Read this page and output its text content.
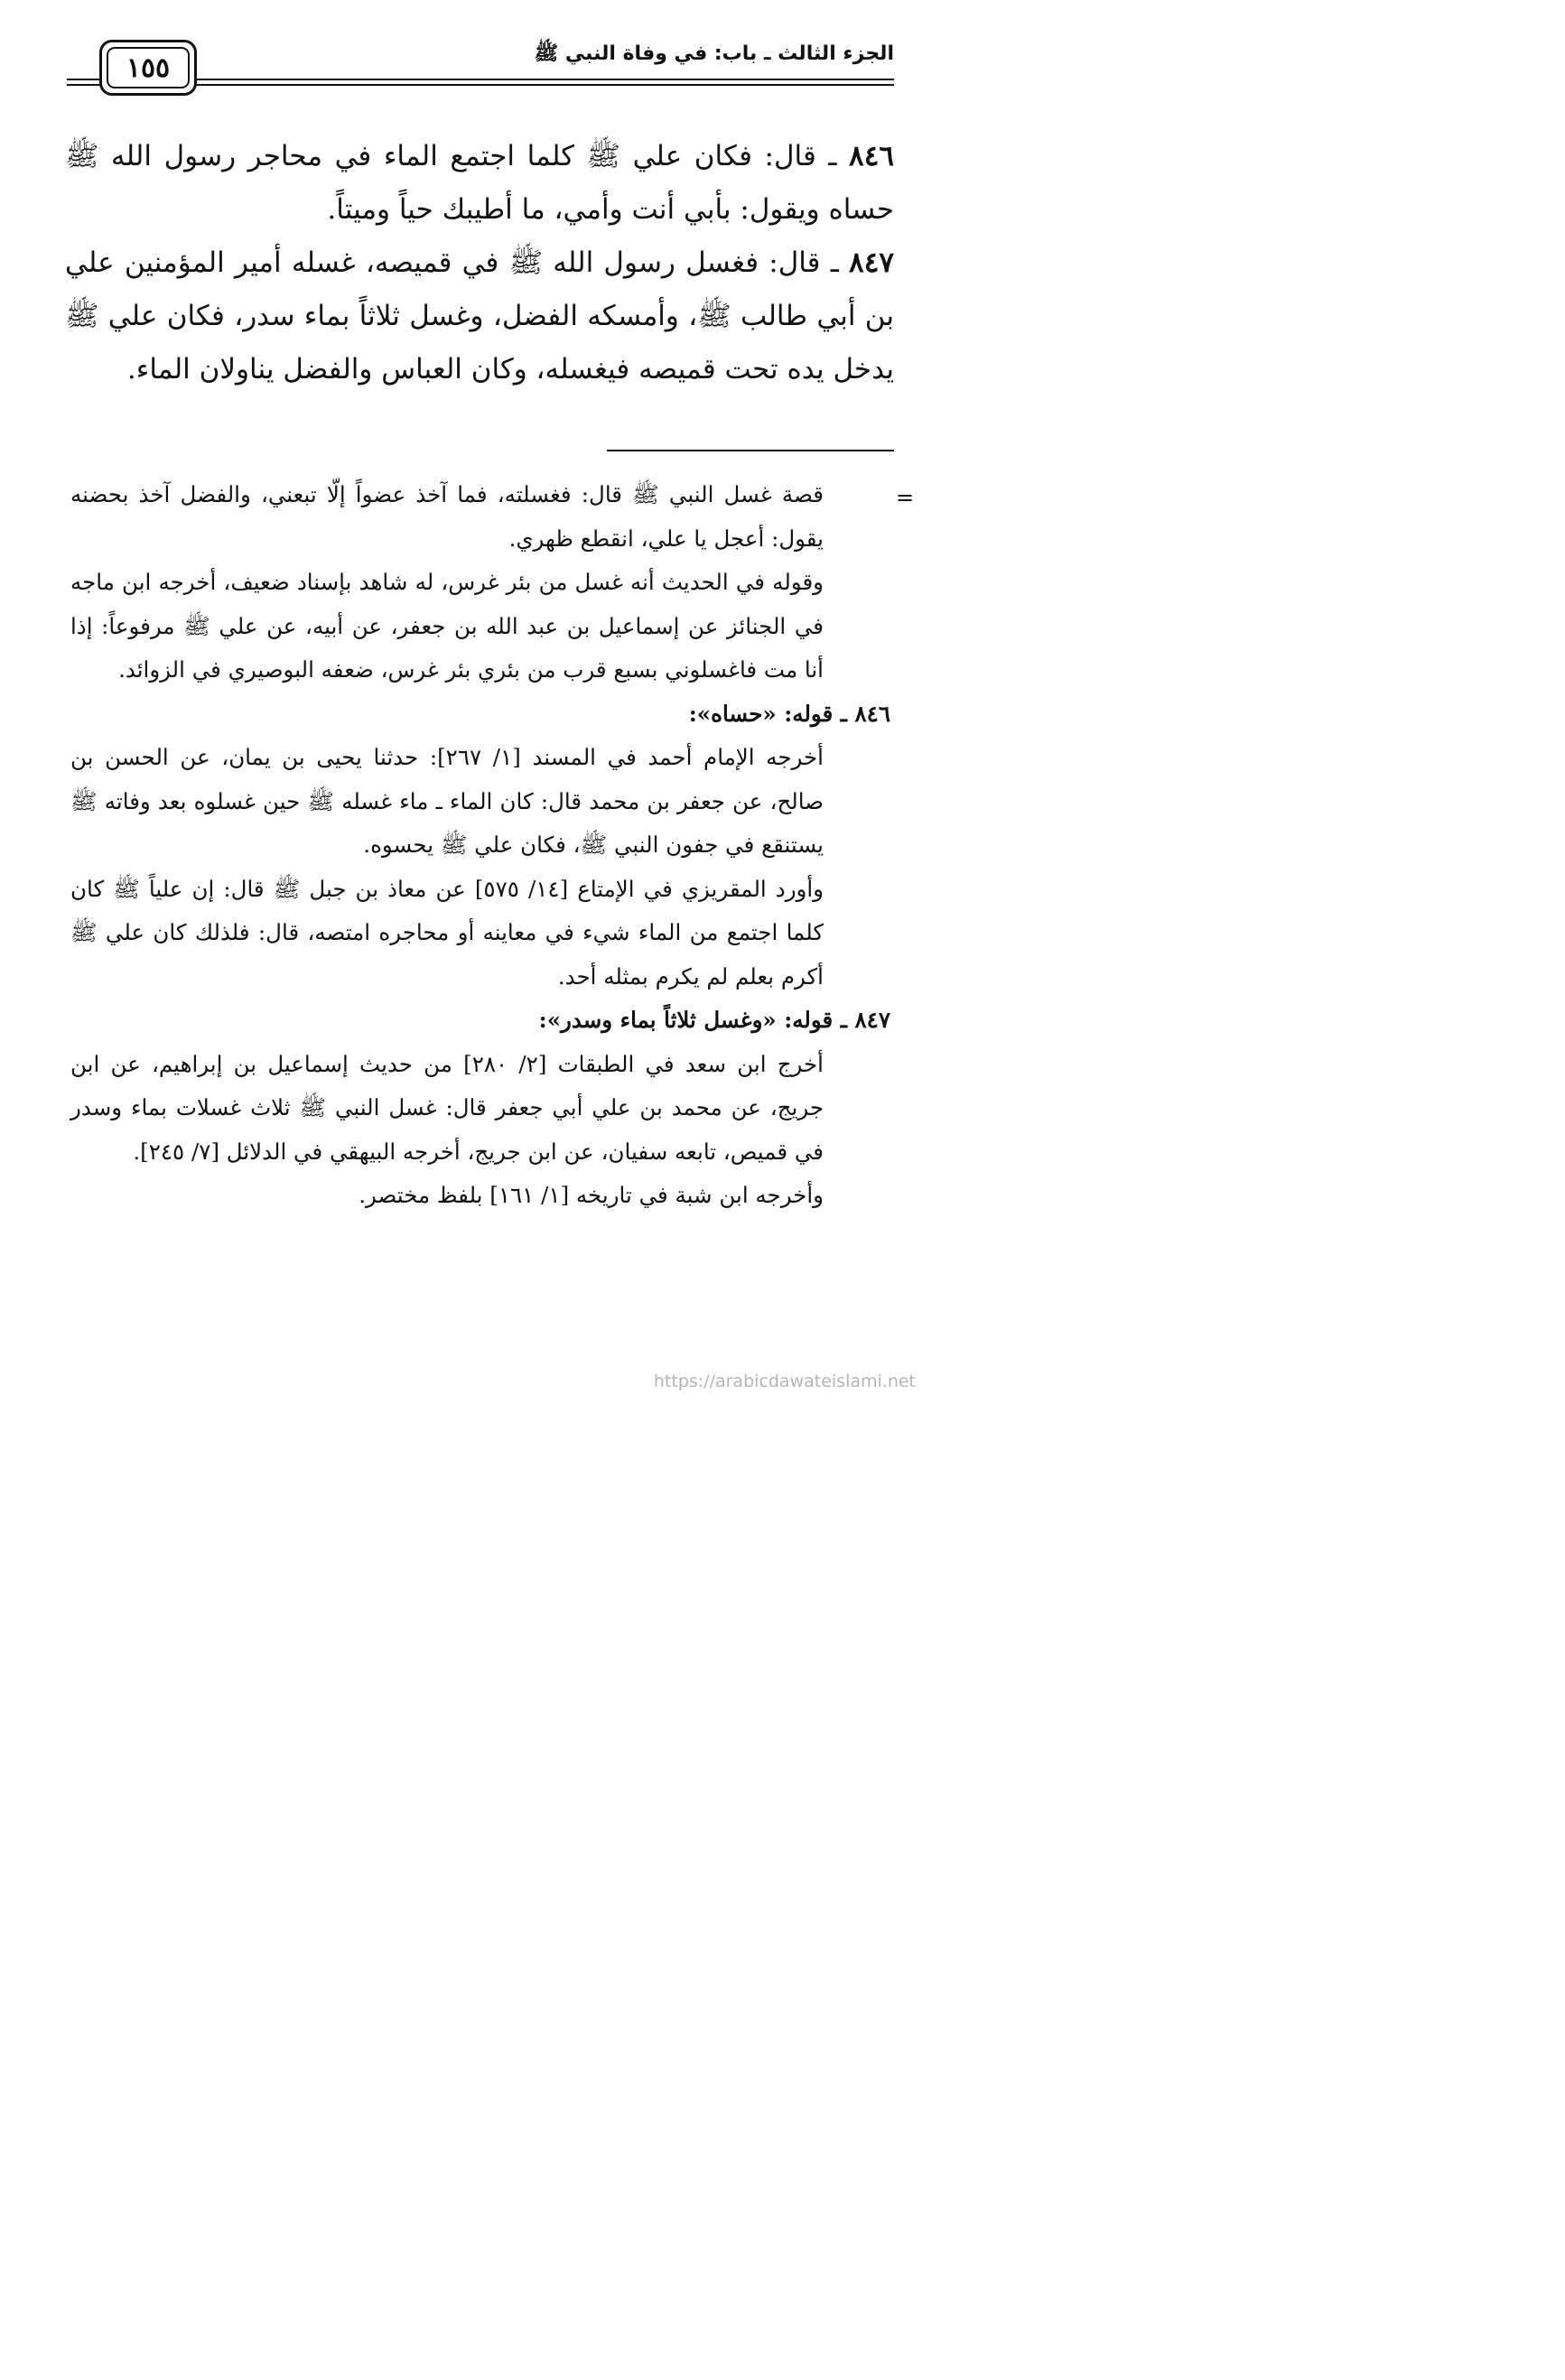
الجزء الثالث ـ باب: في وفاة النبي ﷺ
١٥٥

٨٤٦ ـ قال: فكان علي ﷺ كلما اجتمع الماء في محاجر رسول الله ﷺ حساه ويقول: بأبي أنت وأمي، ما أطيبك حياً وميتاً.

٨٤٧ ـ قال: فغسل رسول الله ﷺ في قميصه، غسله أمير المؤمنين علي بن أبي طالب ﷺ، وأمسكه الفضل، وغسل ثلاثاً بماء سدر، فكان علي ﷺ يدخل يده تحت قميصه فيغسله، وكان العباس والفضل يناولان الماء.

=

قصة غسل النبي ﷺ قال: فغسلته، فما آخذ عضواً إلّا تبعني، والفضل آخذ بحضنه يقول: أعجل يا علي، انقطع ظهري.

وقوله في الحديث أنه غسل من بئر غرس، له شاهد بإسناد ضعيف، أخرجه ابن ماجه في الجنائز عن إسماعيل بن عبد الله بن جعفر، عن أبيه، عن علي ﷺ مرفوعاً: إذا أنا مت فاغسلوني بسبع قرب من بئري بئر غرس، ضعفه البوصيري في الزوائد.

٨٤٦ ـ قوله: «حساه»:

أخرجه الإمام أحمد في المسند [١/ ٢٦٧]: حدثنا يحيى بن يمان، عن الحسن بن صالح، عن جعفر بن محمد قال: كان الماء ـ ماء غسله ﷺ حين غسلوه بعد وفاته ﷺ يستنقع في جفون النبي ﷺ، فكان علي ﷺ يحسوه.

وأورد المقريزي في الإمتاع [١٤/ ٥٧٥] عن معاذ بن جبل ﷺ قال: إن علياً ﷺ كان كلما اجتمع من الماء شيء في معاينه أو محاجره امتصه، قال: فلذلك كان علي ﷺ أكرم بعلم لم يكرم بمثله أحد.

٨٤٧ ـ قوله: «وغسل ثلاثاً بماء وسدر»:

أخرج ابن سعد في الطبقات [٢/ ٢٨٠] من حديث إسماعيل بن إبراهيم، عن ابن جريج، عن محمد بن علي أبي جعفر قال: غسل النبي ﷺ ثلاث غسلات بماء وسدر في قميص، تابعه سفيان، عن ابن جريج، أخرجه البيهقي في الدلائل [٧/ ٢٤٥].

وأخرجه ابن شبة في تاريخه [١/ ١٦١] بلفظ مختصر.

https://arabicdawateislami.net
